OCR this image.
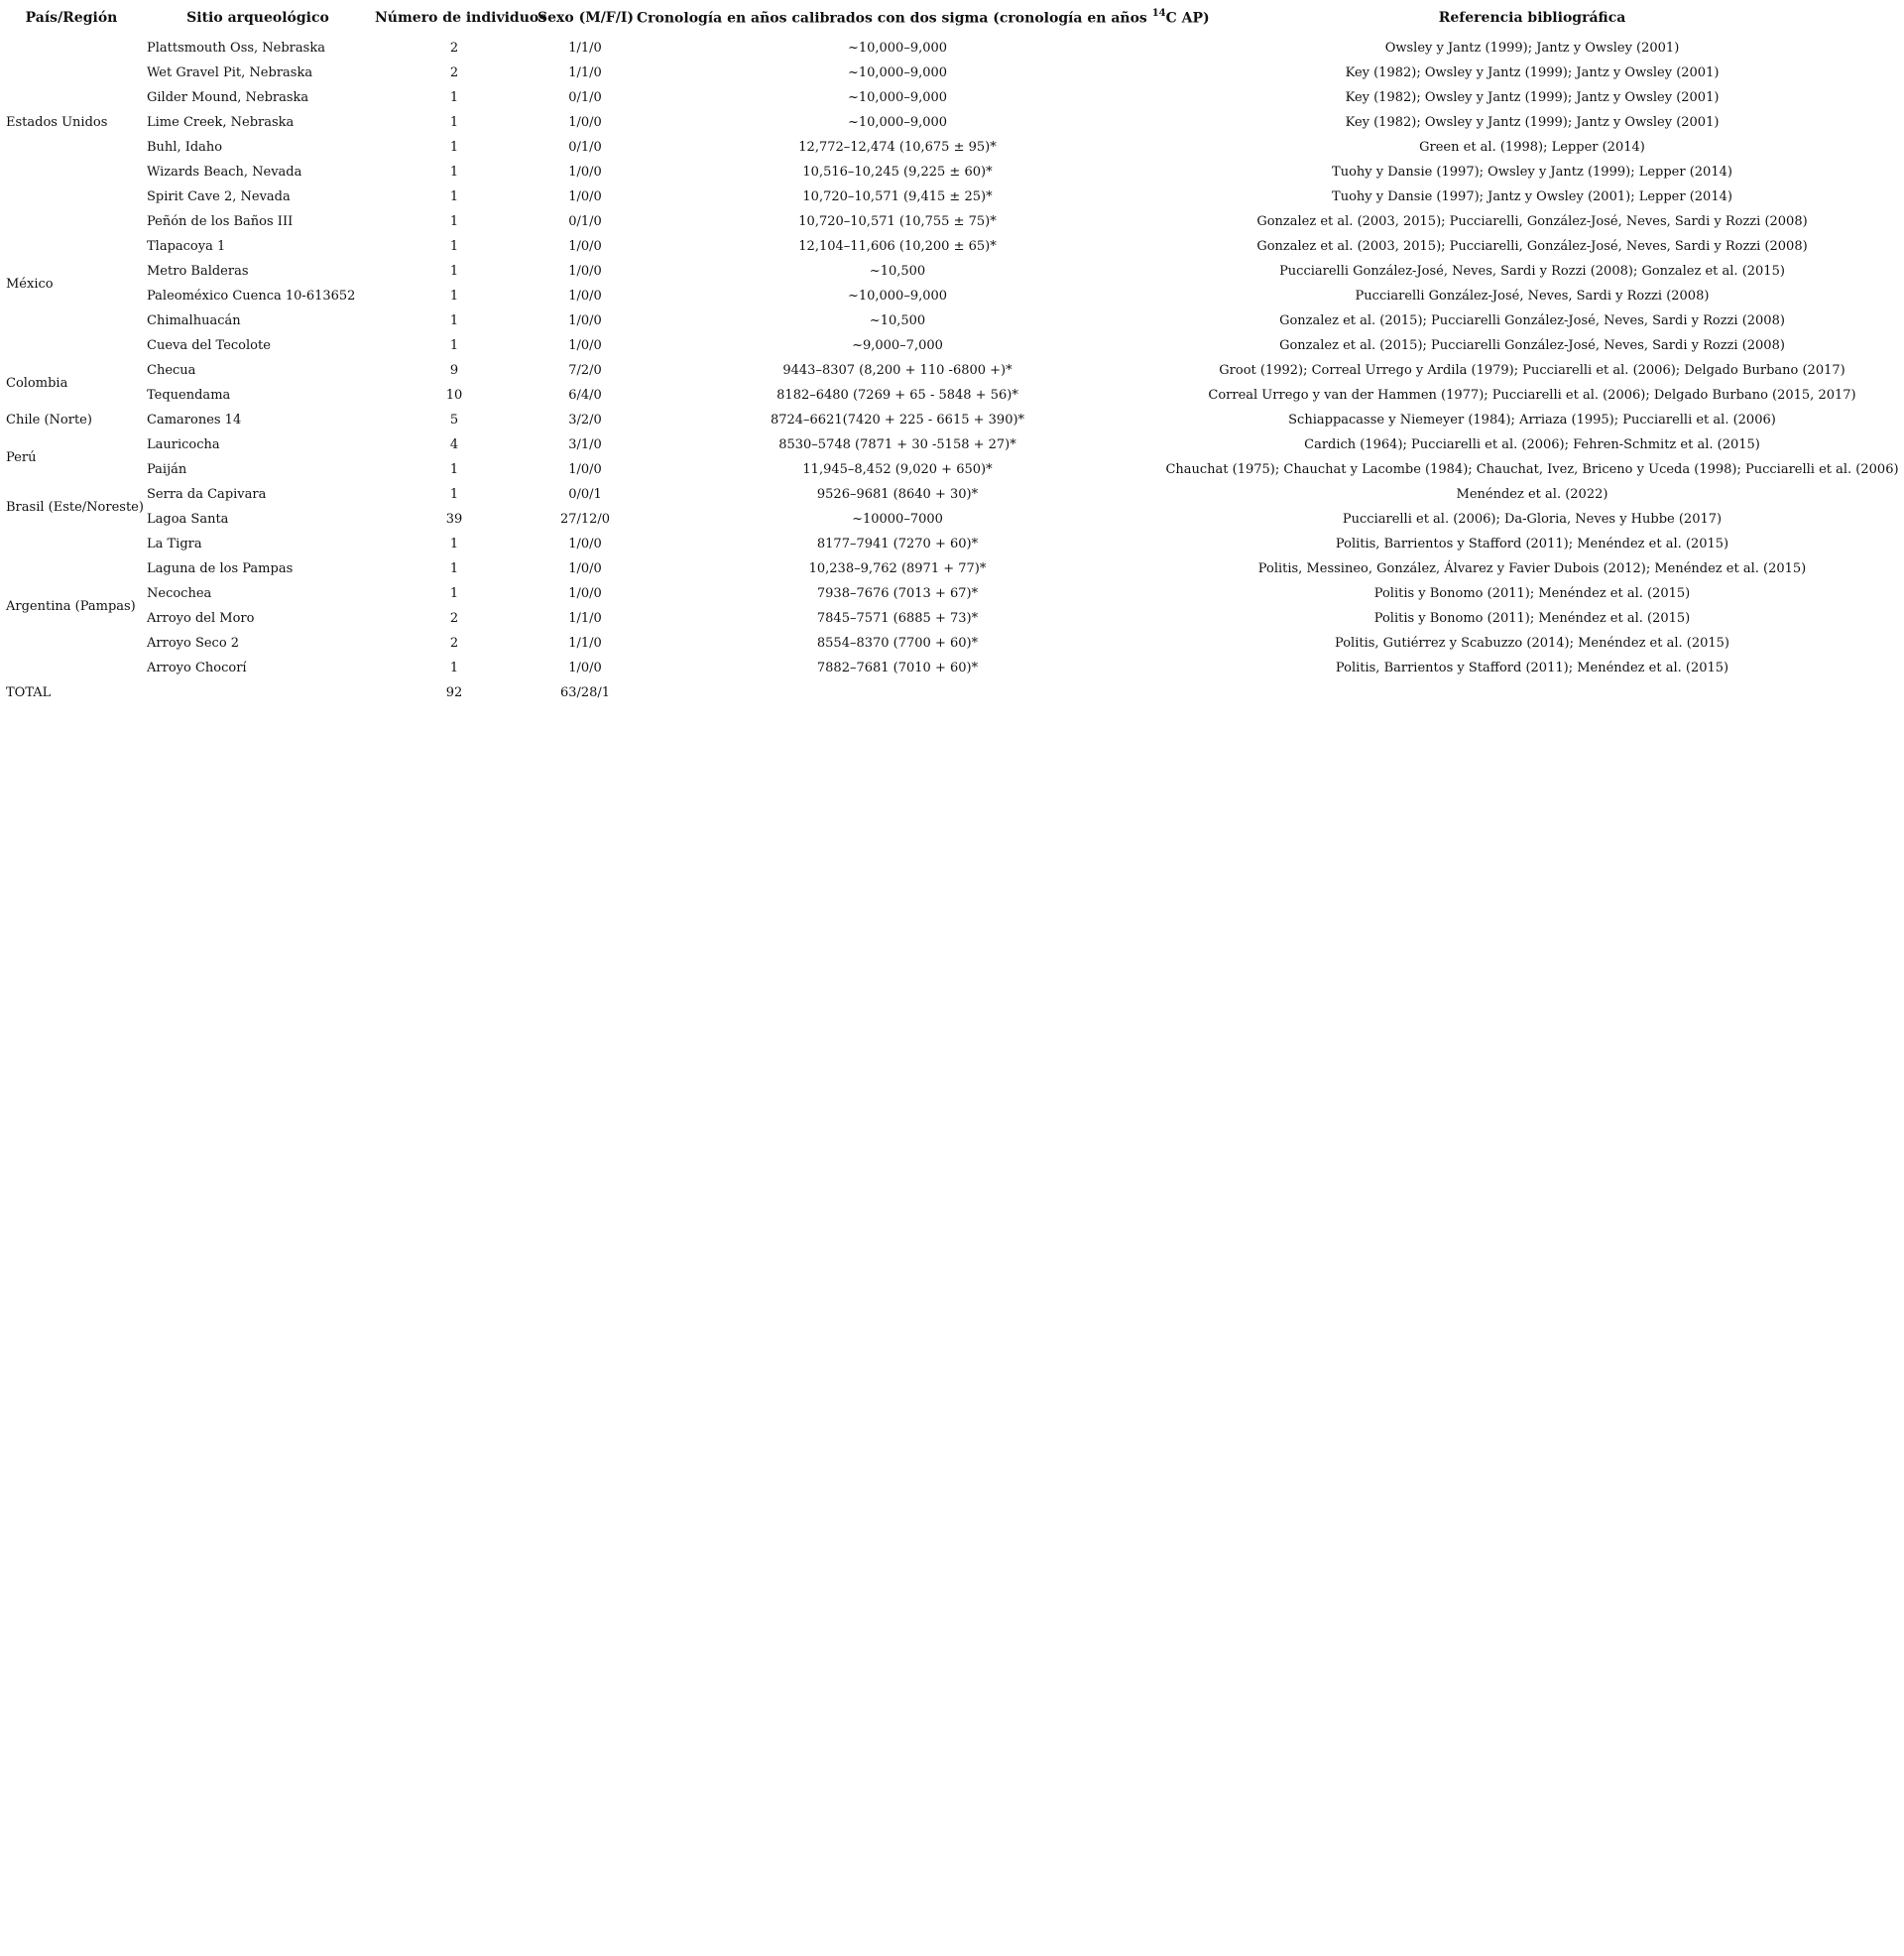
País/Región	Sitio arqueológico	Número de individuos	Sexo (M/F/I)	Cronología en años calibrados con dos sigma (cronología en años $^{14}$C AP)	Referencia bibliográfica
Estados Unidos	Plattsmouth Oss, Nebraska	2	1/1/0	~10,000–9,000	Owsley y Jantz (1999); Jantz y Owsley (2001)
	Wet Gravel Pit, Nebraska	2	1/1/0	~10,000–9,000	Key (1982); Owsley y Jantz (1999); Jantz y Owsley (2001)
	Gilder Mound, Nebraska	1	0/1/0	~10,000–9,000	Key (1982); Owsley y Jantz (1999); Jantz y Owsley (2001)
	Lime Creek, Nebraska	1	1/0/0	~10,000–9,000	Key (1982); Owsley y Jantz (1999); Jantz y Owsley (2001)
	Buhl, Idaho	1	0/1/0	12,772–12,474 (10,675 ± 95)*	Green et al. (1998); Lepper (2014)
	Wizards Beach, Nevada	1	1/0/0	10,516–10,245 (9,225 ± 60)*	Tuohy y Dansie (1997); Owsley y Jantz (1999); Lepper (2014)
	Spirit Cave 2, Nevada	1	1/0/0	10,720–10,571 (9,415 ± 25)*	Tuohy y Dansie (1997); Jantz y Owsley (2001); Lepper (2014)
México	Peñón de los Baños III	1	0/1/0	10,720–10,571 (10,755 ± 75)*	Gonzalez et al. (2003, 2015); Pucciarelli, González-José, Neves, Sardi y Rozzi (2008)
	Tlapacoya 1	1	1/0/0	12,104–11,606 (10,200 ± 65)*	Gonzalez et al. (2003, 2015); Pucciarelli, González-José, Neves, Sardi y Rozzi (2008)
	Metro Balderas	1	1/0/0	~10,500	Pucciarelli González-José, Neves, Sardi y Rozzi (2008); Gonzalez et al. (2015)
	Paleoméxico Cuenca 10-613652	1	1/0/0	~10,000–9,000	Pucciarelli González-José, Neves, Sardi y Rozzi (2008)
	Chimalhuacán	1	1/0/0	~10,500	Gonzalez et al. (2015); Pucciarelli González-José, Neves, Sardi y Rozzi (2008)
	Cueva del Tecolote	1	1/0/0	~9,000–7,000	Gonzalez et al. (2015); Pucciarelli González-José, Neves, Sardi y Rozzi (2008)
Colombia	Checua	9	7/2/0	9443–8307 (8,200 + 110 -6800 +)*	Groot (1992); Correal Urrego y Ardila (1979); Pucciarelli et al. (2006); Delgado Burbano (2017)
	Tequendama	10	6/4/0	8182–6480 (7269 + 65 - 5848 + 56)*	Correal Urrego y van der Hammen (1977); Pucciarelli et al. (2006); Delgado Burbano (2015, 2017)
Chile (Norte)	Camarones 14	5	3/2/0	8724–6621(7420 + 225 - 6615 + 390)*	Schiappacasse y Niemeyer (1984); Arriaza (1995); Pucciarelli et al. (2006)
Perú	Lauricocha	4	3/1/0	8530–5748 (7871 + 30 -5158 + 27)*	Cardich (1964); Pucciarelli et al. (2006); Fehren-Schmitz et al. (2015)
	Paiján	1	1/0/0	11,945–8,452 (9,020 + 650)*	Chauchat (1975); Chauchat y Lacombe (1984); Chauchat, Ivez, Briceno y Uceda (1998); Pucciarelli et al. (2006)
Brasil (Este/Noreste)	Serra da Capivara	1	0/0/1	9526–9681 (8640 + 30)*	Menéndez et al. (2022)
	Lagoa Santa	39	27/12/0	~10000–7000	Pucciarelli et al. (2006); Da-Gloria, Neves y Hubbe (2017)
Argentina (Pampas)	La Tigra	1	1/0/0	8177–7941 (7270 + 60)*	Politis, Barrientos y Stafford (2011); Menéndez et al. (2015)
	Laguna de los Pampas	1	1/0/0	10,238–9,762 (8971 + 77)*	Politis, Messineo, González, Álvarez y Favier Dubois (2012); Menéndez et al. (2015)
	Necochea	1	1/0/0	7938–7676 (7013 + 67)*	Politis y Bonomo (2011); Menéndez et al. (2015)
	Arroyo del Moro	2	1/1/0	7845–7571 (6885 + 73)*	Politis y Bonomo (2011); Menéndez et al. (2015)
	Arroyo Seco 2	2	1/1/0	8554–8370 (7700 + 60)*	Politis, Gutiérrez y Scabuzzo (2014); Menéndez et al. (2015)
	Arroyo Chocorí	1	1/0/0	7882–7681 (7010 + 60)*	Politis, Barrientos y Stafford (2011); Menéndez et al. (2015)
TOTAL		92	63/28/1		
